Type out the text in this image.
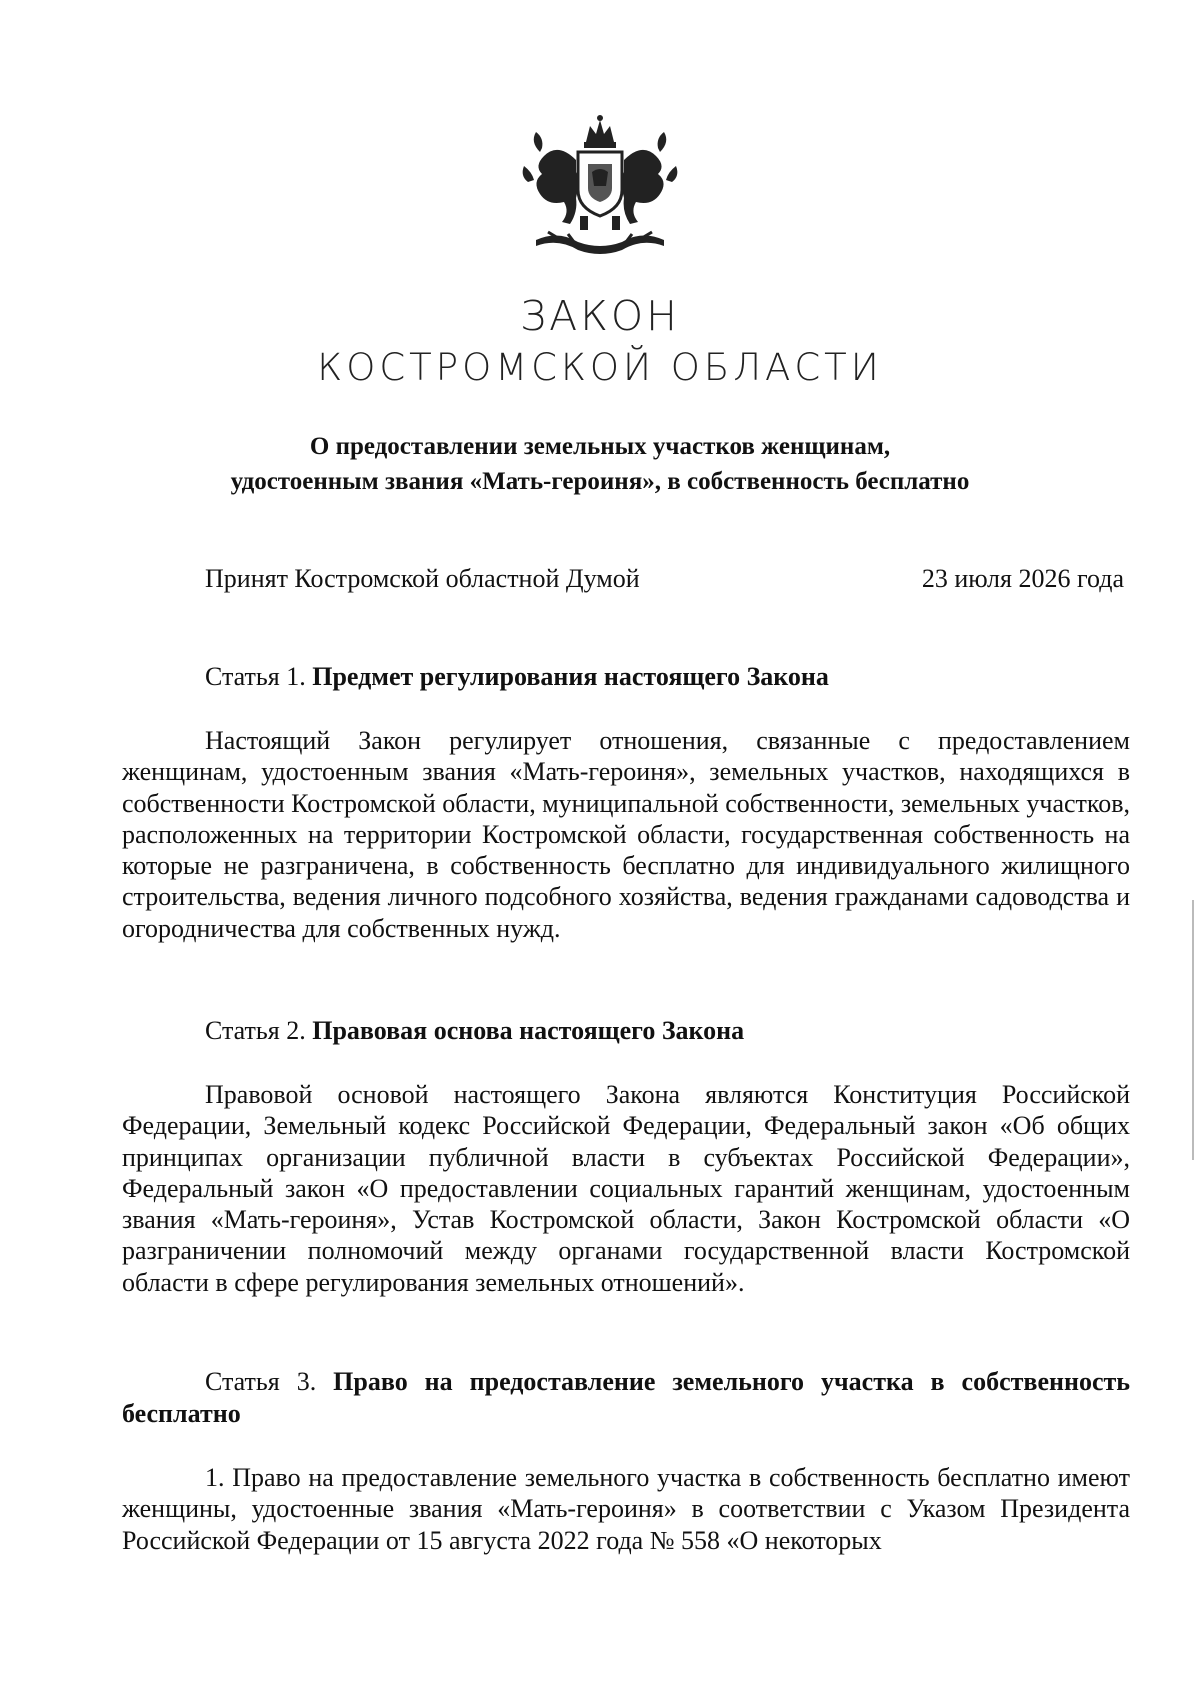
ЗАКОН
КОСТРОМСКОЙ ОБЛАСТИ
О предоставлении земельных участков женщинам,
удостоенным звания «Мать-героиня», в собственность бесплатно
Принят Костромской областной Думой	23 июля 2026 года
Статья 1. Предмет регулирования настоящего Закона
Настоящий Закон регулирует отношения, связанные с предоставлением женщинам, удостоенным звания «Мать-героиня», земельных участков, находящихся в собственности Костромской области, муниципальной собственности, земельных участков, расположенных на территории Костромской области, государственная собственность на которые не разграничена, в собственность бесплатно для индивидуального жилищного строительства, ведения личного подсобного хозяйства, ведения гражданами садоводства и огородничества для собственных нужд.
Статья 2. Правовая основа настоящего Закона
Правовой основой настоящего Закона являются Конституция Российской Федерации, Земельный кодекс Российской Федерации, Федеральный закон «Об общих принципах организации публичной власти в субъектах Российской Федерации», Федеральный закон «О предоставлении социальных гарантий женщинам, удостоенным звания «Мать-героиня», Устав Костромской области, Закон Костромской области «О разграничении полномочий между органами государственной власти Костромской области в сфере регулирования земельных отношений».
Статья 3. Право на предоставление земельного участка в собственность бесплатно
1. Право на предоставление земельного участка в собственность бесплатно имеют женщины, удостоенные звания «Мать-героиня» в соответствии с Указом Президента Российской Федерации от 15 августа 2022 года № 558 «О некоторых
